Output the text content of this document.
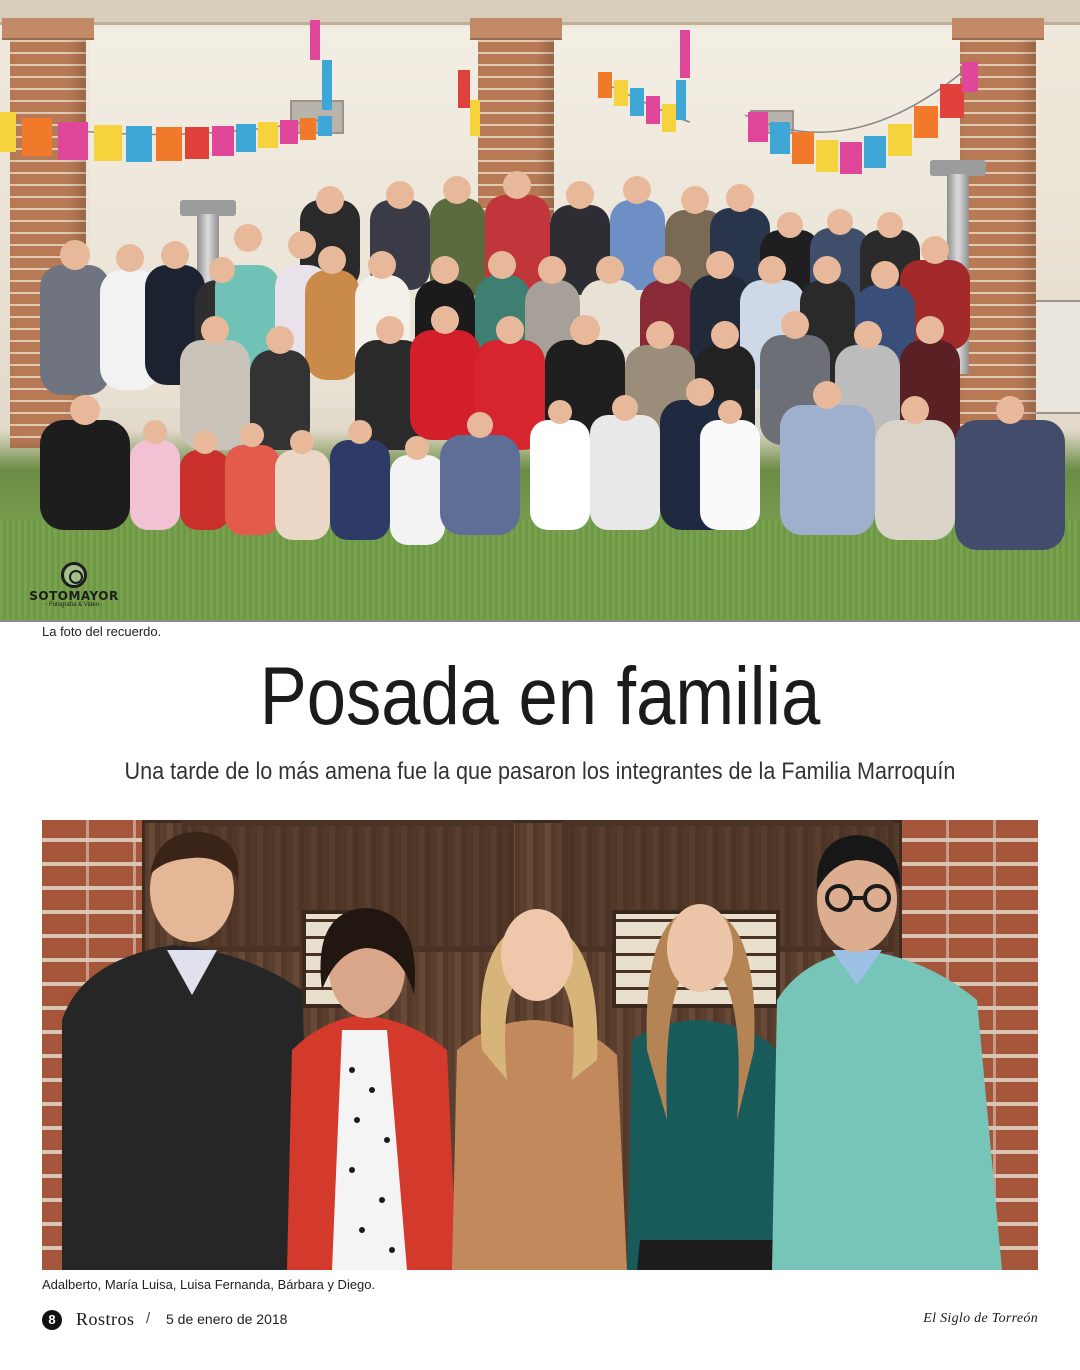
SOTOMAYOR
- Fotografía & Video -
La foto del recuerdo.
Posada en familia
Una tarde de lo más amena fue la que pasaron los integrantes de la Familia Marroquín
Adalberto, María Luisa, Luisa Fernanda, Bárbara y Diego.
8	Rostros / 5 de enero de 2018	El Siglo de Torreón
